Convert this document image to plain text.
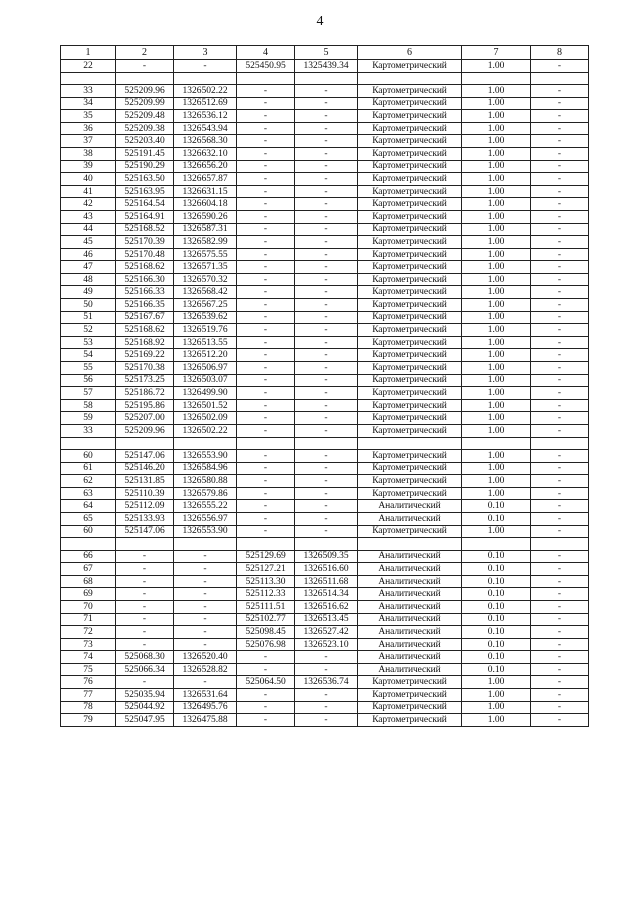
4
1	2	3	4	5	6	7	8
22	-	-	525450.95	1325439.34	Картометрический	1.00	-

33	525209.96	1326502.22	-	-	Картометрический	1.00	-
34	525209.99	1326512.69	-	-	Картометрический	1.00	-
35	525209.48	1326536.12	-	-	Картометрический	1.00	-
36	525209.38	1326543.94	-	-	Картометрический	1.00	-
37	525203.40	1326568.30	-	-	Картометрический	1.00	-
38	525191.45	1326632.10	-	-	Картометрический	1.00	-
39	525190.29	1326656.20	-	-	Картометрический	1.00	-
40	525163.50	1326657.87	-	-	Картометрический	1.00	-
41	525163.95	1326631.15	-	-	Картометрический	1.00	-
42	525164.54	1326604.18	-	-	Картометрический	1.00	-
43	525164.91	1326590.26	-	-	Картометрический	1.00	-
44	525168.52	1326587.31	-	-	Картометрический	1.00	-
45	525170.39	1326582.99	-	-	Картометрический	1.00	-
46	525170.48	1326575.55	-	-	Картометрический	1.00	-
47	525168.62	1326571.35	-	-	Картометрический	1.00	-
48	525166.30	1326570.32	-	-	Картометрический	1.00	-
49	525166.33	1326568.42	-	-	Картометрический	1.00	-
50	525166.35	1326567.25	-	-	Картометрический	1.00	-
51	525167.67	1326539.62	-	-	Картометрический	1.00	-
52	525168.62	1326519.76	-	-	Картометрический	1.00	-
53	525168.92	1326513.55	-	-	Картометрический	1.00	-
54	525169.22	1326512.20	-	-	Картометрический	1.00	-
55	525170.38	1326506.97	-	-	Картометрический	1.00	-
56	525173.25	1326503.07	-	-	Картометрический	1.00	-
57	525186.72	1326499.90	-	-	Картометрический	1.00	-
58	525195.86	1326501.52	-	-	Картометрический	1.00	-
59	525207.00	1326502.09	-	-	Картометрический	1.00	-
33	525209.96	1326502.22	-	-	Картометрический	1.00	-

60	525147.06	1326553.90	-	-	Картометрический	1.00	-
61	525146.20	1326584.96	-	-	Картометрический	1.00	-
62	525131.85	1326580.88	-	-	Картометрический	1.00	-
63	525110.39	1326579.86	-	-	Картометрический	1.00	-
64	525112.09	1326555.22	-	-	Аналитический	0.10	-
65	525133.93	1326556.97	-	-	Аналитический	0.10	-
60	525147.06	1326553.90	-	-	Картометрический	1.00	-

66	-	-	525129.69	1326509.35	Аналитический	0.10	-
67	-	-	525127.21	1326516.60	Аналитический	0.10	-
68	-	-	525113.30	1326511.68	Аналитический	0.10	-
69	-	-	525112.33	1326514.34	Аналитический	0.10	-
70	-	-	525111.51	1326516.62	Аналитический	0.10	-
71	-	-	525102.77	1326513.45	Аналитический	0.10	-
72	-	-	525098.45	1326527.42	Аналитический	0.10	-
73	-	-	525076.98	1326523.10	Аналитический	0.10	-
74	525068.30	1326520.40	-	-	Аналитический	0.10	-
75	525066.34	1326528.82	-	-	Аналитический	0.10	-
76	-	-	525064.50	1326536.74	Картометрический	1.00	-
77	525035.94	1326531.64	-	-	Картометрический	1.00	-
78	525044.92	1326495.76	-	-	Картометрический	1.00	-
79	525047.95	1326475.88	-	-	Картометрический	1.00	-
